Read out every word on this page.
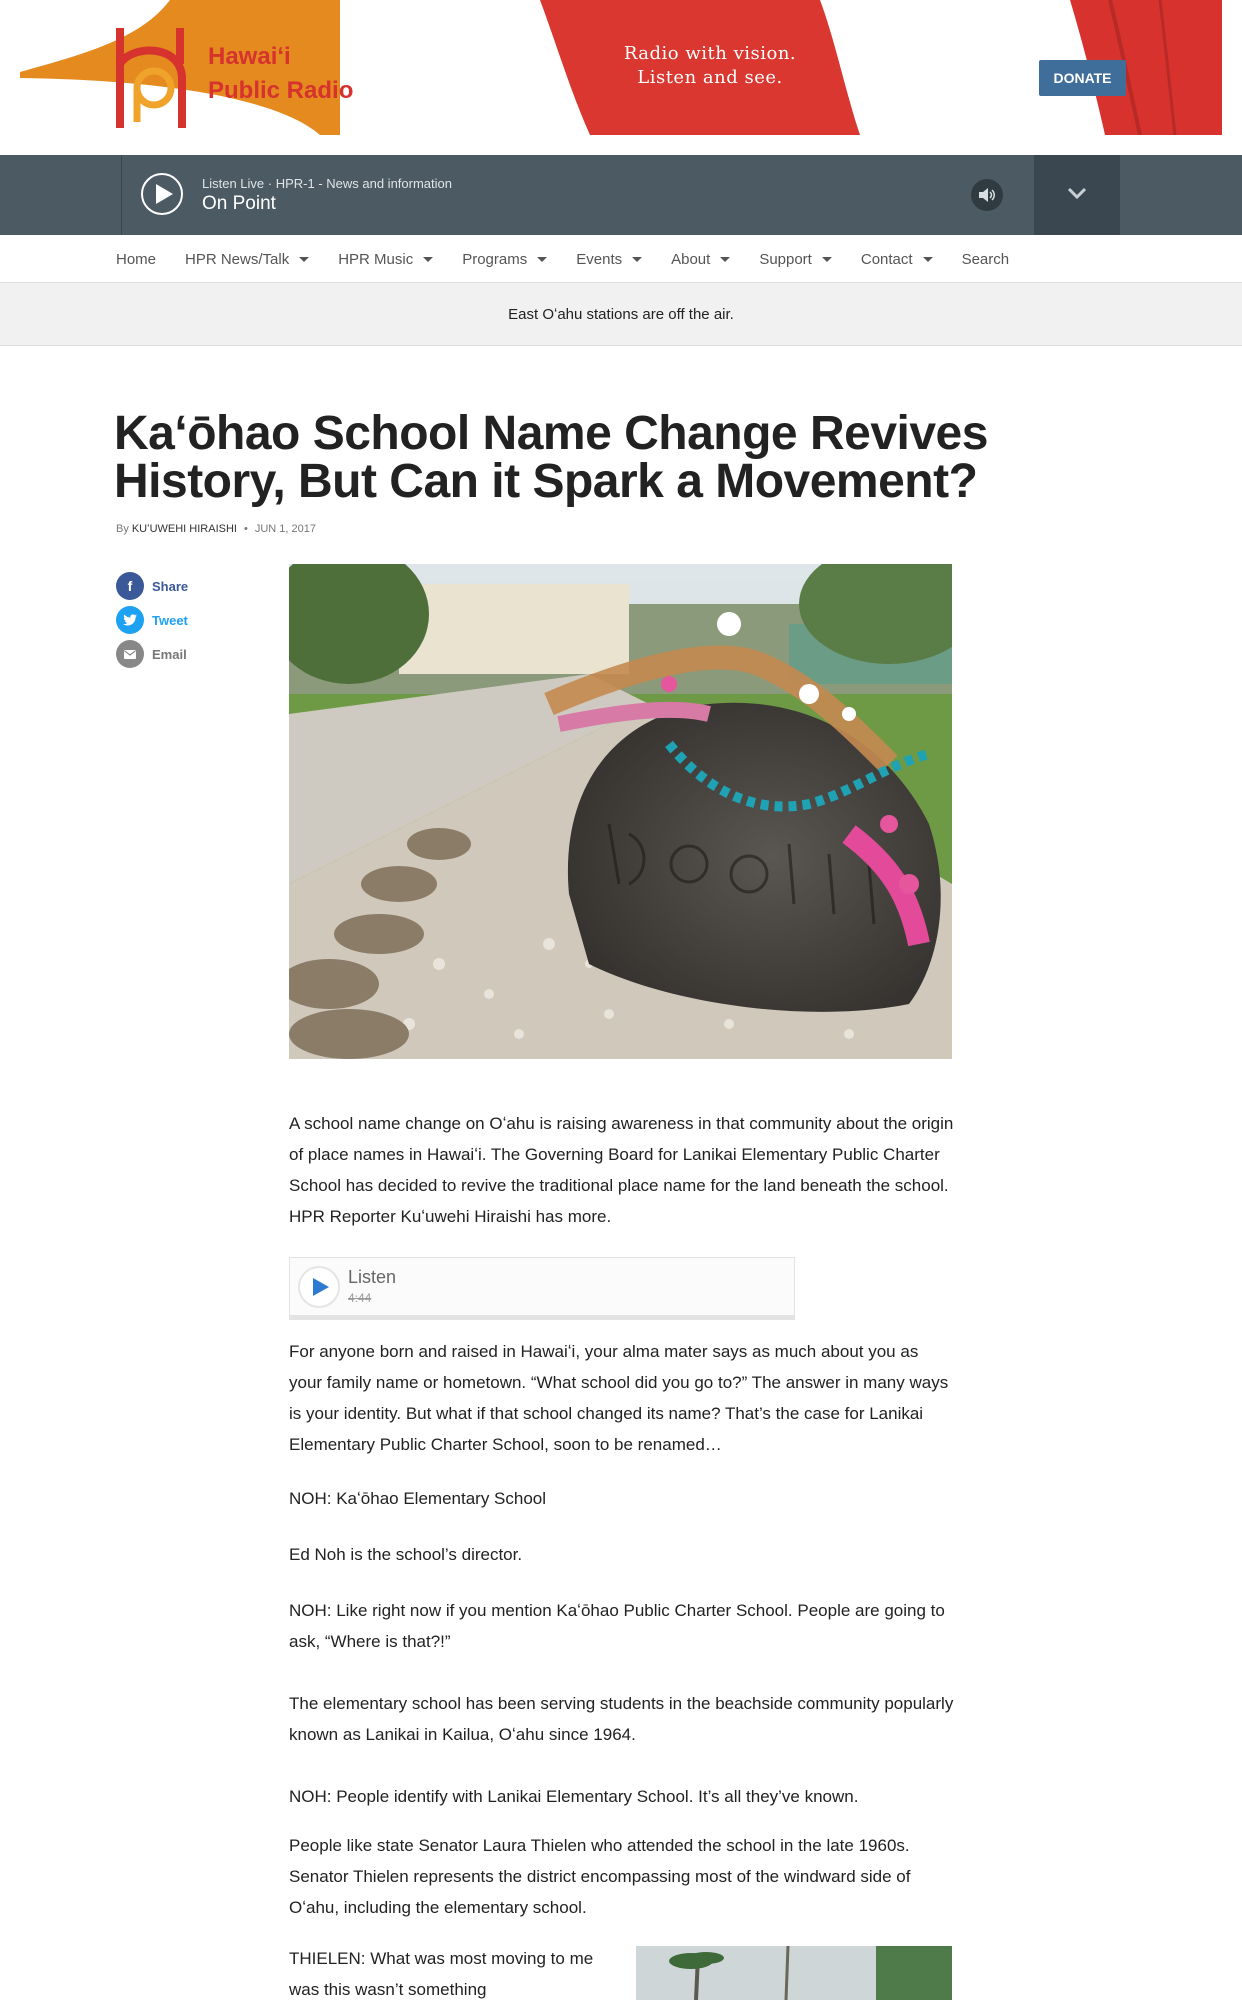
Hawaiʻi
Public Radio
Radio with vision.
Listen and see.	DONATE
Listen Live · HPR-1 - News and information
On Point
Home HPR News/Talk	HPR Music	Programs	Events	About	Support	Contact	Search
East Oʻahu stations are off the air.
Kaʻōhao School Name Change Revives History, But Can it Spark a Movement?
By KUʻUWEHI HIRAISHI • JUN 1, 2017
f	Share
Tweet
Email

A school name change on Oʻahu is raising awareness in that community about the origin of place names in Hawaiʻi. The Governing Board for Lanikai Elementary Public Charter School has decided to revive the traditional place name for the land beneath the school. HPR Reporter Kuʻuwehi Hiraishi has more.

Listen
4:44

For anyone born and raised in Hawaiʻi, your alma mater says as much about you as your family name or hometown. “What school did you go to?” The answer in many ways is your identity. But what if that school changed its name? That’s the case for Lanikai Elementary Public Charter School, soon to be renamed…

NOH: Kaʻōhao Elementary School

Ed Noh is the school’s director.

NOH: Like right now if you mention Kaʻōhao Public Charter School. People are going to ask, “Where is that?!”

The elementary school has been serving students in the beachside community popularly known as Lanikai in Kailua, Oʻahu since 1964.

NOH: People identify with Lanikai Elementary School. It’s all they’ve known.

People like state Senator Laura Thielen who attended the school in the late 1960s. Senator Thielen represents the district encompassing most of the windward side of Oʻahu, including the elementary school.

THIELEN: What was most moving to me was this wasn’t something
